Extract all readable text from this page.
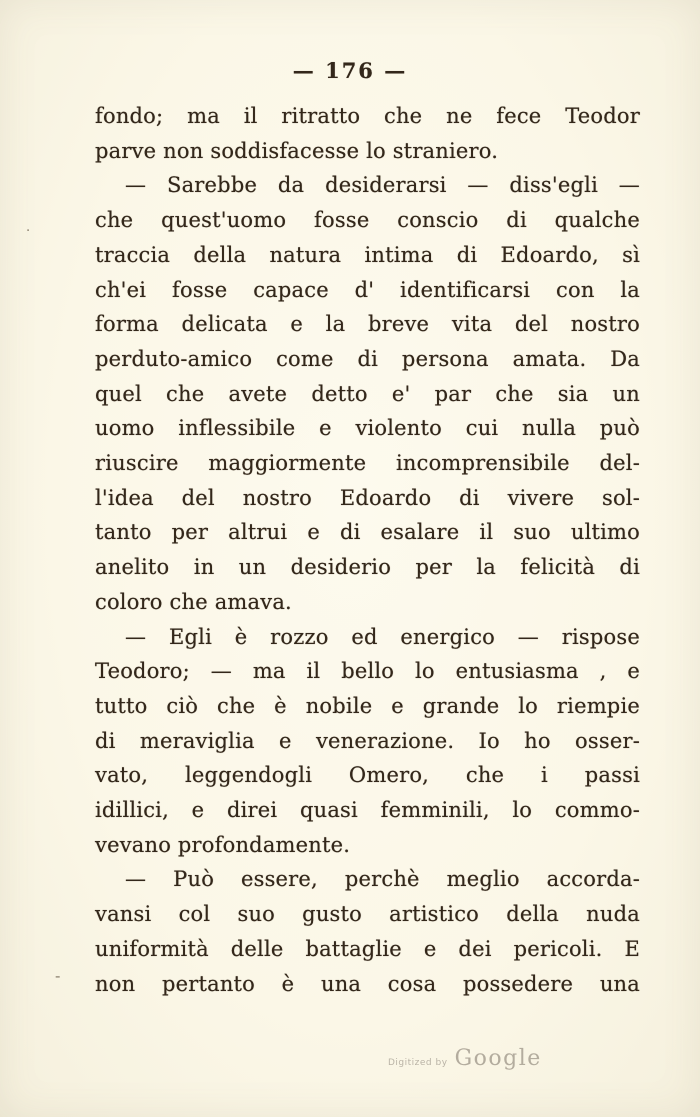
— 176 —
fondo; ma il ritratto che ne fece Teodor
parve non soddisfacesse lo straniero.
— Sarebbe da desiderarsi — diss'egli —
che quest'uomo fosse conscio di qualche
traccia della natura intima di Edoardo, sì
ch'ei fosse capace d' identificarsi con la
forma delicata e la breve vita del nostro
perduto-amico come di persona amata. Da
quel che avete detto e' par che sia un
uomo inflessibile e violento cui nulla può
riuscire maggiormente incomprensibile del-
l'idea del nostro Edoardo di vivere sol-
tanto per altrui e di esalare il suo ultimo
anelito in un desiderio per la felicità di
coloro che amava.
— Egli è rozzo ed energico — rispose
Teodoro; — ma il bello lo entusiasma , e
tutto ciò che è nobile e grande lo riempie
di meraviglia e venerazione. Io ho osser-
vato, leggendogli Omero, che i passi
idillici, e direi quasi femminili, lo commo-
vevano profondamente.
— Può essere, perchè meglio accorda-
vansi col suo gusto artistico della nuda
uniformità delle battaglie e dei pericoli. E
non pertanto è una cosa possedere una
Digitized by Google
-
.
